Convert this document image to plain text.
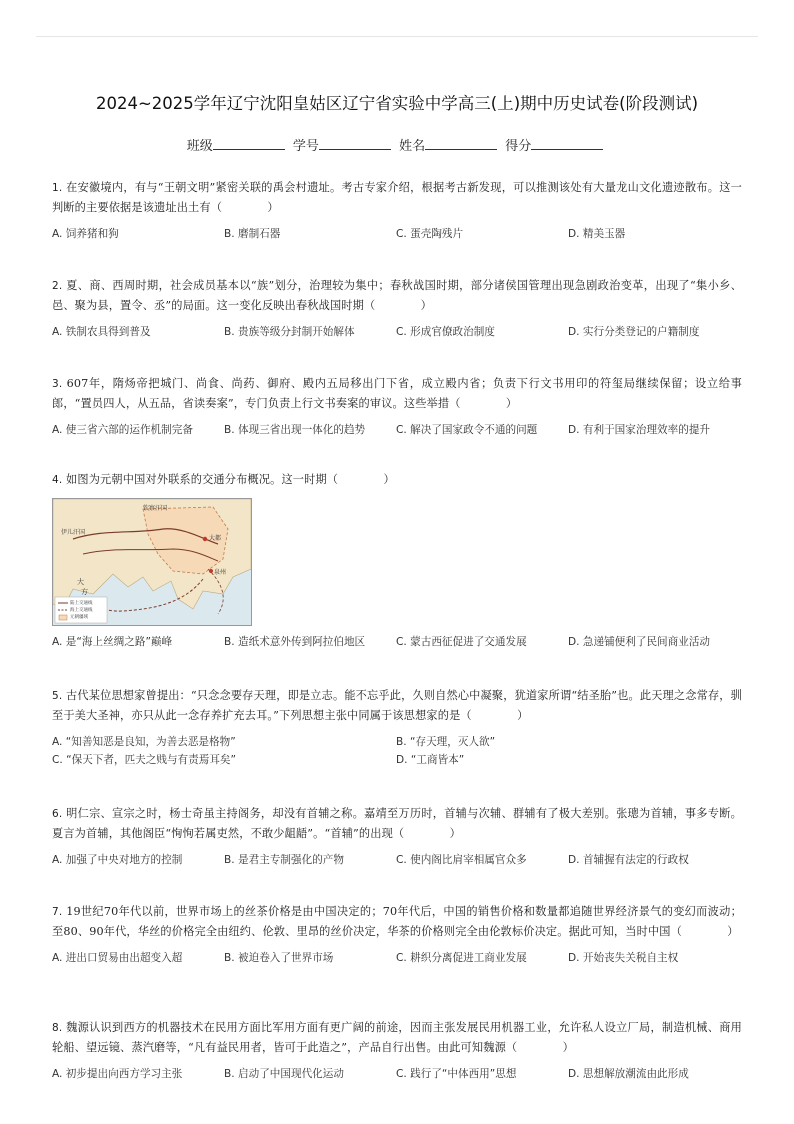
2024~2025学年辽宁沈阳皇姑区辽宁省实验中学高三(上)期中历史试卷(阶段测试)
班级	学号	姓名	得分
1. 在安徽境内，有与“王朝文明”紧密关联的禹会村遗址。考古专家介绍，根据考古新发现，可以推测该处有大量龙山文化遗迹散布。这一判断的主要依据是该遗址出土有（　　　　）
A. 饲养猪和狗	B. 磨制石器	C. 蛋壳陶残片	D. 精美玉器
2. 夏、商、西周时期，社会成员基本以“族”划分，治理较为集中；春秋战国时期，部分诸侯国管理出现急剧政治变革，出现了“集小乡、邑、聚为县，置令、丞”的局面。这一变化反映出春秋战国时期（　　　　）
A. 铁制农具得到普及	B. 贵族等级分封制开始解体	C. 形成官僚政治制度	D. 实行分类登记的户籍制度
3. 607年，隋炀帝把城门、尚食、尚药、御府、殿内五局移出门下省，成立殿内省；负责下行文书用印的符玺局继续保留；设立给事郎，“置员四人，从五品，省读奏案”，专门负责上行文书奏案的审议。这些举措（　　　　）
A. 使三省六部的运作机制完备	B. 体现三省出现一体化的趋势	C. 解决了国家政令不通的问题	D. 有利于国家治理效率的提升
4. 如图为元朝中国对外联系的交通分布概况。这一时期（　　　　）
钦察汗国
伊儿汗国
大都
泉州
大
方
陆上交通线
海上交通线
元朝疆域
A. 是“海上丝绸之路”巅峰	B. 造纸术意外传到阿拉伯地区	C. 蒙古西征促进了交通发展	D. 急递铺便利了民间商业活动
5. 古代某位思想家曾提出：“只念念要存天理，即是立志。能不忘乎此，久则自然心中凝聚，犹道家所谓“结圣胎”也。此天理之念常存，驯至于美大圣神，亦只从此一念存养扩充去耳。”下列思想主张中同属于该思想家的是（　　　　）
A. “知善知恶是良知，为善去恶是格物”	B. “存天理，灭人欲”
C. “保天下者，匹夫之贱与有责焉耳矣”	D. “工商皆本”
6. 明仁宗、宣宗之时，杨士奇虽主持阁务，却没有首辅之称。嘉靖至万历时，首辅与次辅、群辅有了极大差别。张璁为首辅，事多专断。夏言为首辅，其他阁臣“恂恂若属吏然，不敢少龃龉”。“首辅”的出现（　　　　）
A. 加强了中央对地方的控制	B. 是君主专制强化的产物	C. 使内阁比肩宰相属官众多	D. 首辅握有法定的行政权
7. 19世纪70年代以前，世界市场上的丝茶价格是由中国决定的；70年代后，中国的销售价格和数量都追随世界经济景气的变幻而波动；至80、90年代，华丝的价格完全由纽约、伦敦、里昂的丝价决定，华茶的价格则完全由伦敦标价决定。据此可知，当时中国（　　　　）
A. 进出口贸易由出超变入超	B. 被迫卷入了世界市场	C. 耕织分离促进工商业发展	D. 开始丧失关税自主权
8. 魏源认识到西方的机器技术在民用方面比军用方面有更广阔的前途，因而主张发展民用机器工业，允许私人设立厂局，制造机械、商用轮船、望远镜、蒸汽磨等，“凡有益民用者，皆可于此造之”，产品自行出售。由此可知魏源（　　　　）
A. 初步提出向西方学习主张	B. 启动了中国现代化运动	C. 践行了“中体西用”思想	D. 思想解放潮流由此形成
